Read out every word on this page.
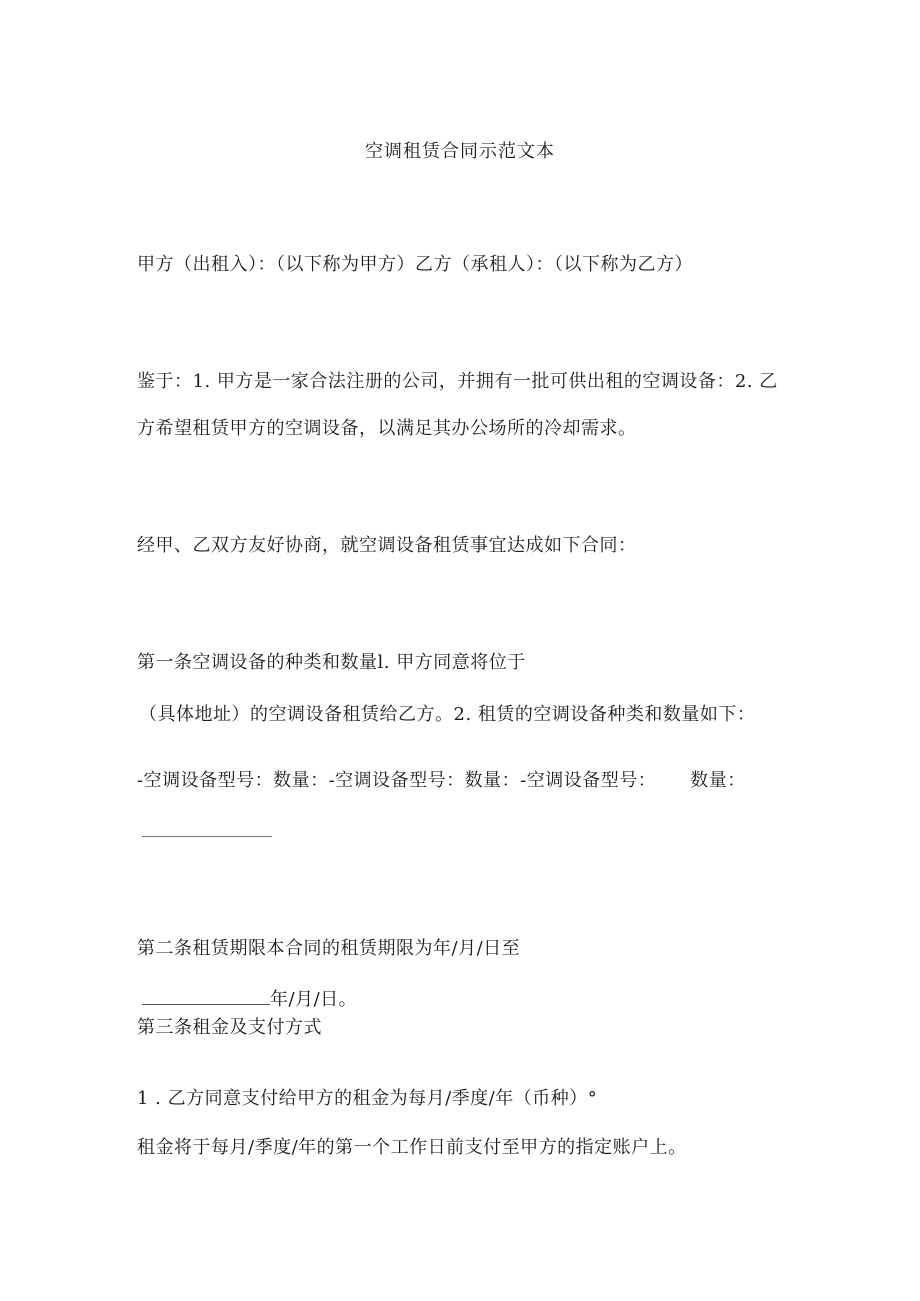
空调租赁合同示范文本
甲方（出租入）：（以下称为甲方）乙方（承租人）：（以下称为乙方）
鉴于：1. 甲方是一家合法注册的公司，并拥有一批可供出租的空调设备：2. 乙
方希望租赁甲方的空调设备，以满足其办公场所的冷却需求。
经甲、乙双方友好协商，就空调设备租赁事宜达成如下合同：
第一条空调设备的种类和数量l. 甲方同意将位于
（具体地址）的空调设备租赁给乙方。2. 租赁的空调设备种类和数量如下：
-空调设备型号：数量：-空调设备型号：数量：-空调设备型号： 数量：
第二条租赁期限本合同的租赁期限为年/月/日至
年/月/日。
第三条租金及支付方式
1 . 乙方同意支付给甲方的租金为每月/季度/年（币种）°
租金将于每月/季度/年的第一个工作日前支付至甲方的指定账户上。
